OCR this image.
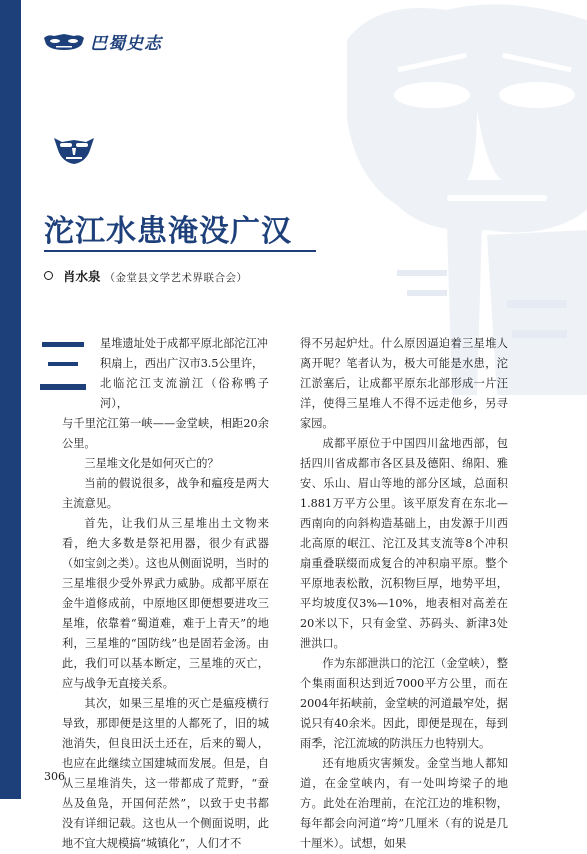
巴蜀史志
沱江水患淹没广汉
肖水泉 （金堂县文学艺术界联合会）

星堆遗址处于成都平原北部沱江冲

积扇上，西出广汉市3.5公里许，

北临沱江支流湔江（俗称鸭子河），

与千里沱江第一峡——金堂峡，相距20余公里。

三星堆文化是如何灭亡的？

当前的假说很多，战争和瘟疫是两大主流意见。

首先，让我们从三星堆出土文物来看，绝大多数是祭祀用器，很少有武器（如宝剑之类）。这也从侧面说明，当时的三星堆很少受外界武力威胁。成都平原在金牛道修成前，中原地区即便想要进攻三星堆，依靠着“蜀道难，难于上青天”的地利，三星堆的“国防线”也是固若金汤。由此，我们可以基本断定，三星堆的灭亡，应与战争无直接关系。

其次，如果三星堆的灭亡是瘟疫横行导致，那即便是这里的人都死了，旧的城池消失，但良田沃土还在，后来的蜀人，也应在此继续立国建城而发展。但是，自从三星堆消失，这一带都成了荒野，“蚕丛及鱼凫，开国何茫然”，以致于史书都没有详细记载。这也从一个侧面说明，此地不宜大规模搞“城镇化”，人们才不

得不另起炉灶。什么原因逼迫着三星堆人离开呢？笔者认为，极大可能是水患，沱江淤塞后，让成都平原东北部形成一片汪洋，使得三星堆人不得不远走他乡，另寻家园。

成都平原位于中国四川盆地西部，包括四川省成都市各区县及德阳、绵阳、雅安、乐山、眉山等地的部分区域，总面积1.881万平方公里。该平原发育在东北—西南向的向斜构造基础上，由发源于川西北高原的岷江、沱江及其支流等8个冲积扇重叠联缀而成复合的冲积扇平原。整个平原地表松散，沉积物巨厚，地势平坦，平均坡度仅3%—10%，地表相对高差在20米以下，只有金堂、苏码头、新津3处泄洪口。

作为东部泄洪口的沱江（金堂峡），整个集雨面积达到近7000平方公里，而在2004年拓峡前，金堂峡的河道最窄处，据说只有40余米。因此，即便是现在，每到雨季，沱江流域的防洪压力也特别大。

还有地质灾害频发。金堂当地人都知道，在金堂峡内，有一处叫垮梁子的地方。此处在治理前，在沱江边的堆积物，每年都会向河道“垮”几厘米（有的说是几十厘米）。试想，如果

306
